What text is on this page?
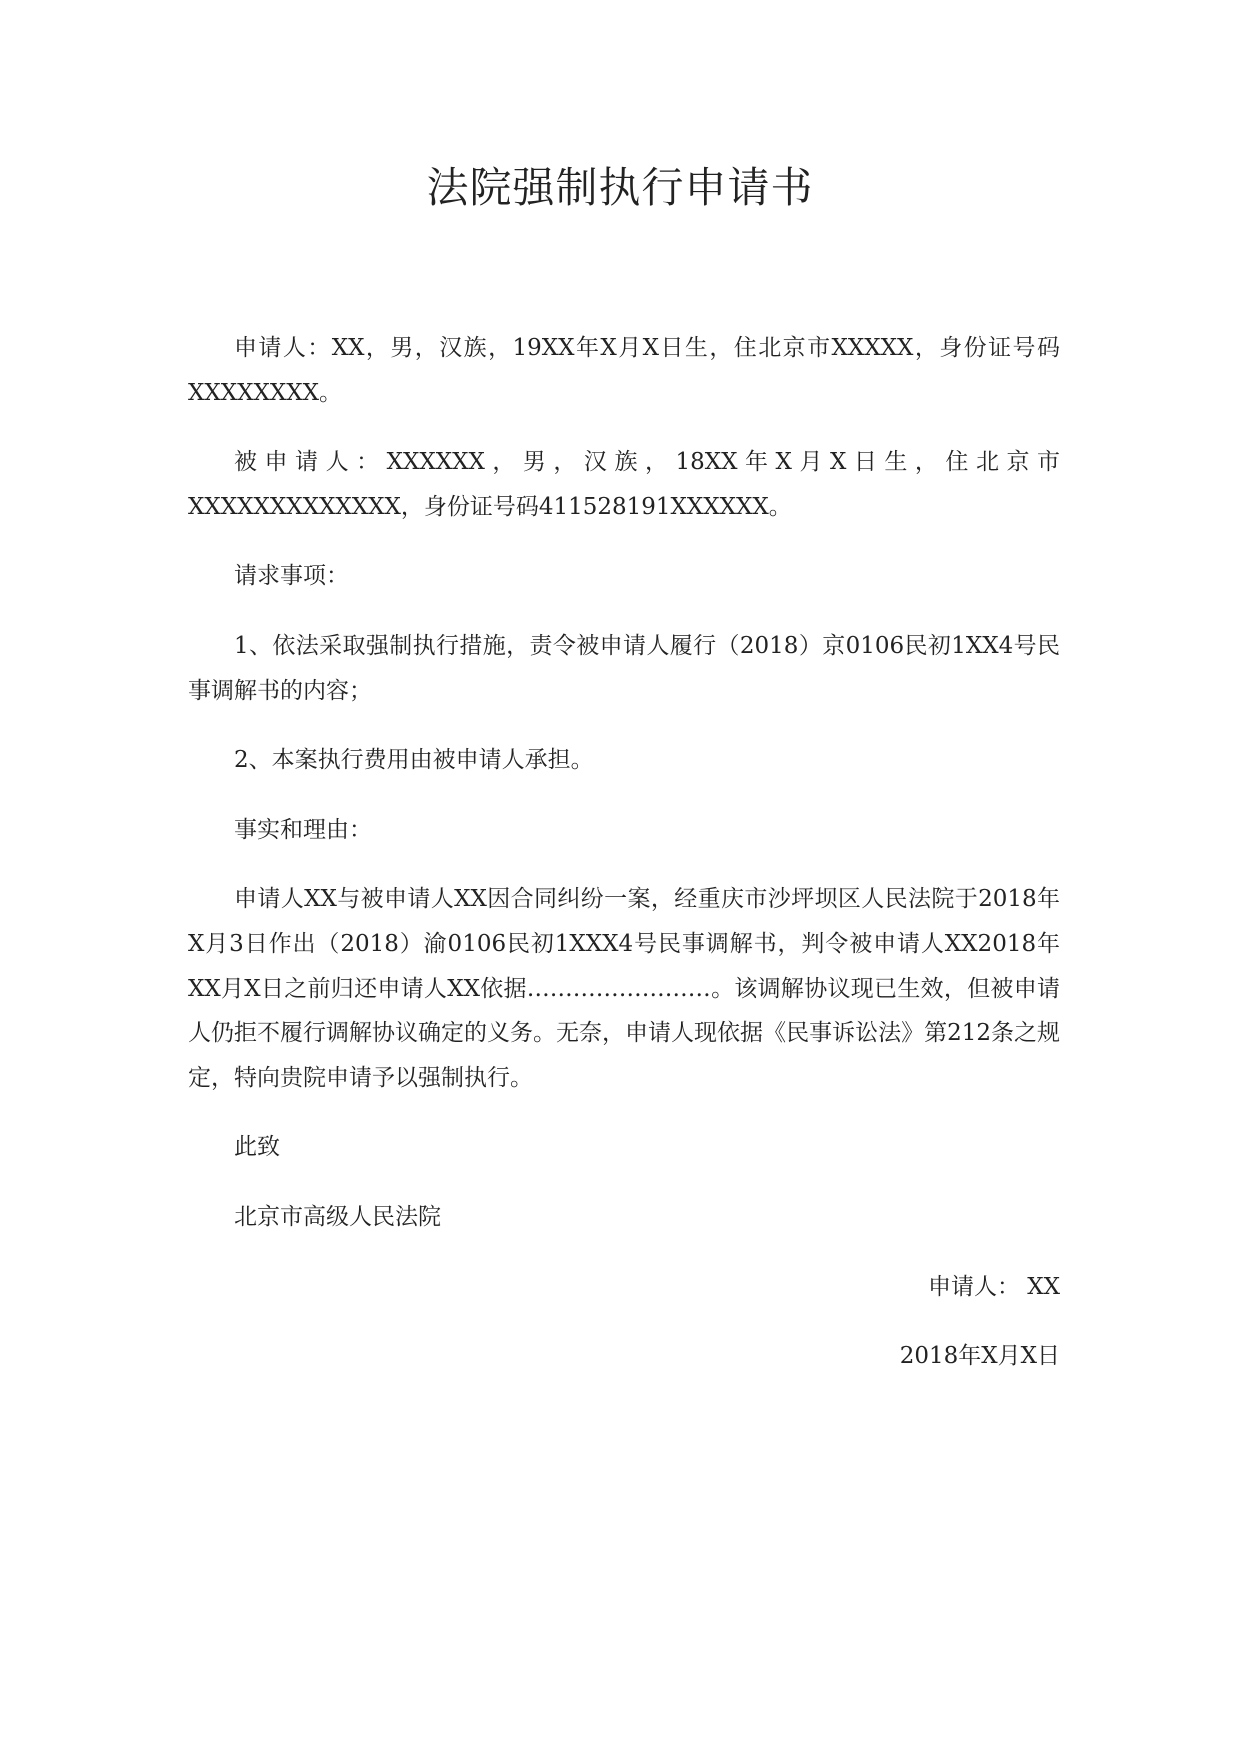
法院强制执行申请书

申请人：XX，男，汉族，19XX年X月X日生，住北京市XXXXX，身份证号码XXXXXXXX。

被申请人：XXXXXX，男，汉族，18XX年X月X日生，住北京市XXXXXXXXXXXXX，身份证号码411528191XXXXXX。

请求事项：

1、依法采取强制执行措施，责令被申请人履行（2018）京0106民初1XX4号民事调解书的内容；

2、本案执行费用由被申请人承担。

事实和理由：

申请人XX与被申请人XX因合同纠纷一案，经重庆市沙坪坝区人民法院于2018年X月3日作出（2018）渝0106民初1XXX4号民事调解书，判令被申请人XX2018年XX月X日之前归还申请人XX依据……………………。该调解协议现已生效，但被申请人仍拒不履行调解协议确定的义务。无奈，申请人现依据《民事诉讼法》第212条之规定，特向贵院申请予以强制执行。

此致

北京市高级人民法院

申请人： XX

2018年X月X日
